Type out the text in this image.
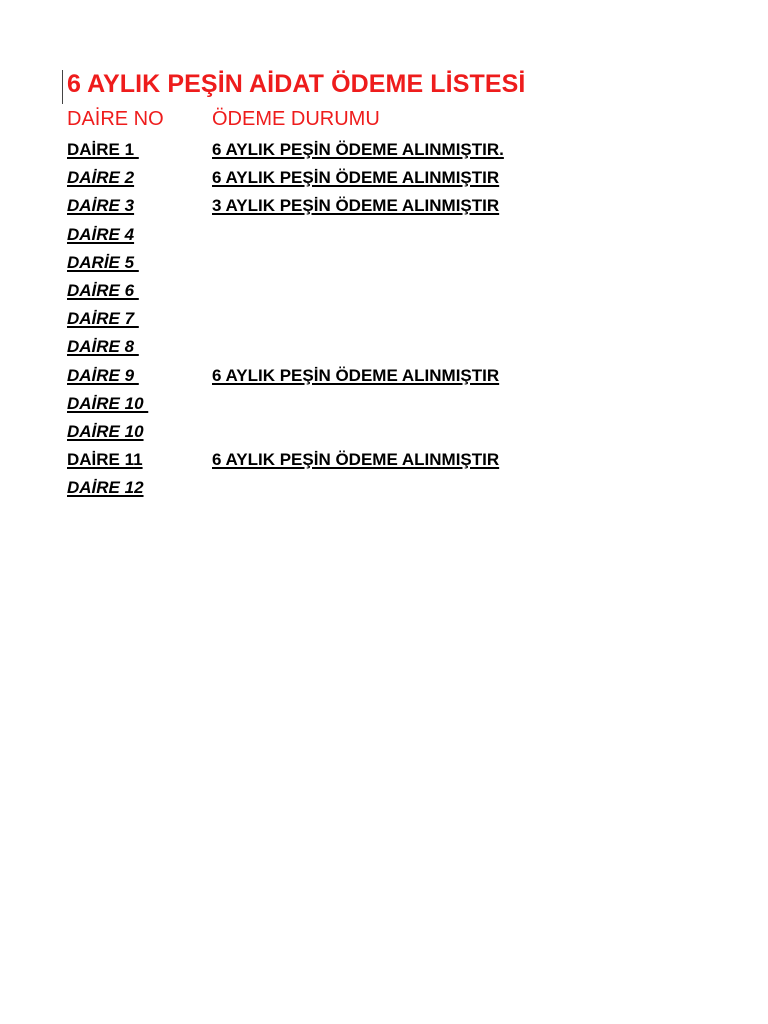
6 AYLIK PEŞİN AİDAT ÖDEME LİSTESİ
DAİRE NO ÖDEME DURUMU
DAİRE 1	6 AYLIK PEŞİN ÖDEME ALINMIŞTIR.
DAİRE 2	6 AYLIK PEŞİN ÖDEME ALINMIŞTIR
DAİRE 3	3 AYLIK PEŞİN ÖDEME ALINMIŞTIR
DAİRE 4
DARİE 5
DAİRE 6
DAİRE 7
DAİRE 8
DAİRE 9	6 AYLIK PEŞİN ÖDEME ALINMIŞTIR
DAİRE 10
DAİRE 10
DAİRE 11	6 AYLIK PEŞİN ÖDEME ALINMIŞTIR
DAİRE 12
